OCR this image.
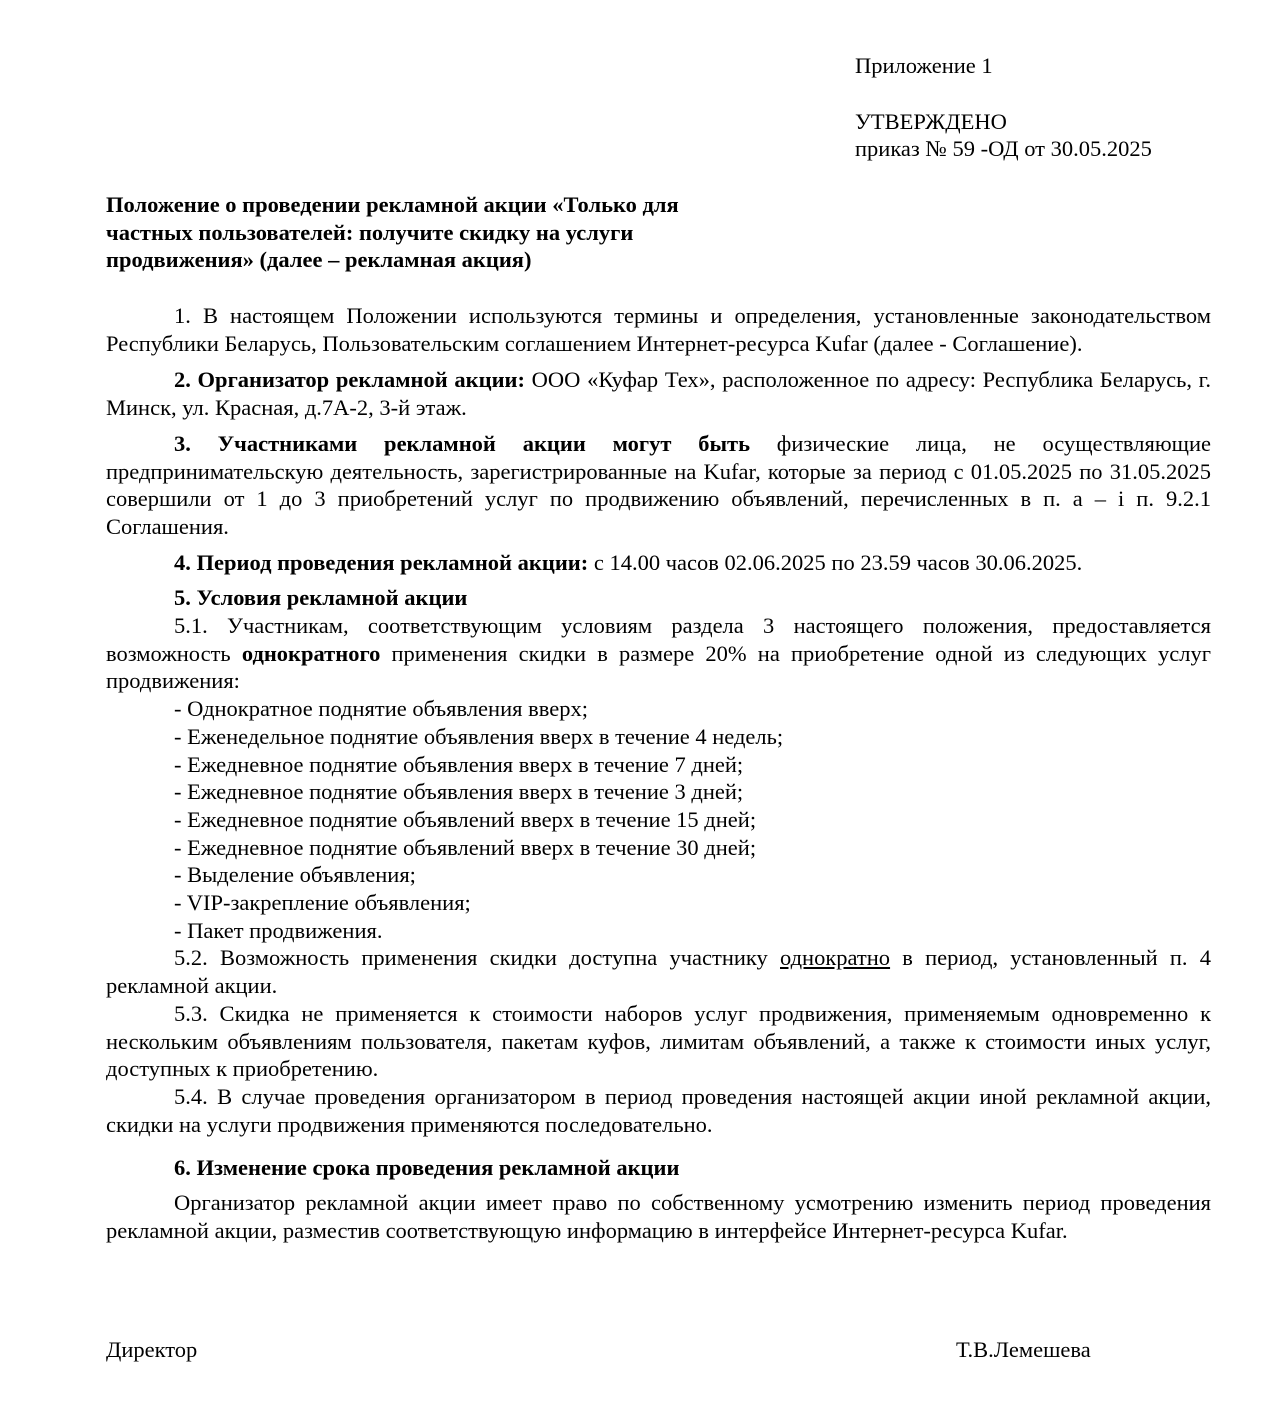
Приложение 1
УТВЕРЖДЕНО
приказ № 59 -ОД от 30.05.2025
Положение о проведении рекламной акции «Только для
частных пользователей: получите скидку на услуги
продвижения» (далее – рекламная акция)

1. В настоящем Положении используются термины и определения, установленные законодательством Республики Беларусь, Пользовательским соглашением Интернет-ресурса Kufar (далее - Соглашение).

2. Организатор рекламной акции: ООО «Куфар Тех», расположенное по адресу: Республика Беларусь, г. Минск, ул. Красная, д.7А-2, 3-й этаж.

3. Участниками рекламной акции могут быть физические лица, не осуществляющие предпринимательскую деятельность, зарегистрированные на Kufar, которые за период с 01.05.2025 по 31.05.2025 совершили от 1 до 3 приобретений услуг по продвижению объявлений, перечисленных в п. а – i п. 9.2.1 Соглашения.

4. Период проведения рекламной акции: с 14.00 часов 02.06.2025 по 23.59 часов 30.06.2025.

5. Условия рекламной акции

5.1. Участникам, соответствующим условиям раздела 3 настоящего положения, предоставляется возможность однократного применения скидки в размере 20% на приобретение одной из следующих услуг продвижения:

- Однократное поднятие объявления вверх;

- Еженедельное поднятие объявления вверх в течение 4 недель;

- Ежедневное поднятие объявления вверх в течение 7 дней;

- Ежедневное поднятие объявления вверх в течение 3 дней;

- Ежедневное поднятие объявлений вверх в течение 15 дней;

- Ежедневное поднятие объявлений вверх в течение 30 дней;

- Выделение объявления;

- VIP-закрепление объявления;

- Пакет продвижения.

5.2. Возможность применения скидки доступна участнику однократно в период, установленный п. 4 рекламной акции.

5.3. Скидка не применяется к стоимости наборов услуг продвижения, применяемым одновременно к нескольким объявлениям пользователя, пакетам куфов, лимитам объявлений, а также к стоимости иных услуг, доступных к приобретению.

5.4. В случае проведения организатором в период проведения настоящей акции иной рекламной акции, скидки на услуги продвижения применяются последовательно.

6. Изменение срока проведения рекламной акции

Организатор рекламной акции имеет право по собственному усмотрению изменить период проведения рекламной акции, разместив соответствующую информацию в интерфейсе Интернет-ресурса Kufar.

Директор	Т.В.Лемешева
